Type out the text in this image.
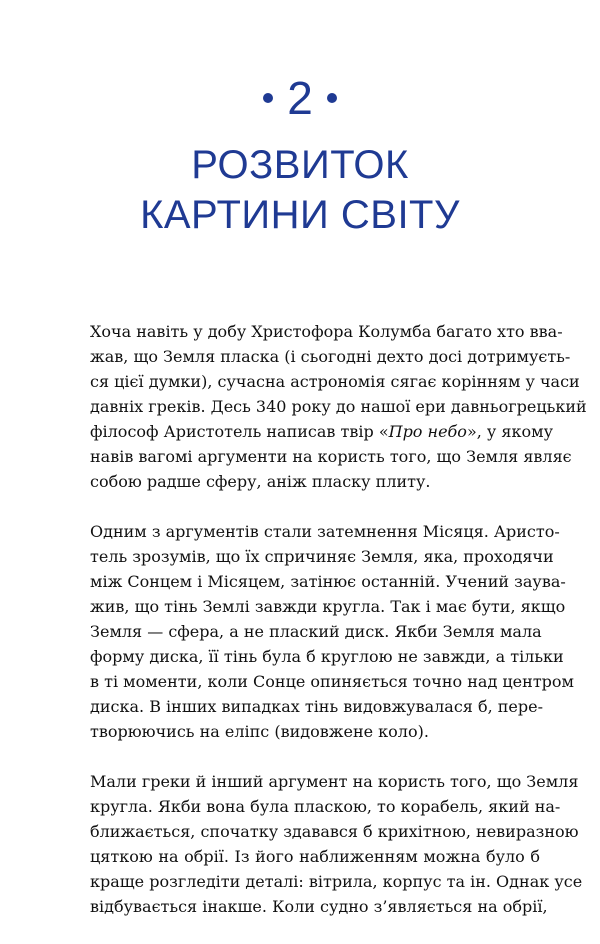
2
РОЗВИТОК
КАРТИНИ СВІТУ
Хоча навіть у добу Христофора Колумба багато хто вва-
жав, що Земля пласка (і сьогодні дехто досі дотримуєть-
ся цієї думки), сучасна астрономія сягає корінням у часи
давніх греків. Десь 340 року до нашої ери давньогрецький
філософ Аристотель написав твір «Про небо», у якому
навів вагомі аргументи на користь того, що Земля являє
собою радше сферу, аніж пласку плиту.
Одним з аргументів стали затемнення Місяця. Аристо-
тель зрозумів, що їх спричиняє Земля, яка, проходячи
між Сонцем і Місяцем, затінює останній. Учений заува-
жив, що тінь Землі завжди кругла. Так і має бути, якщо
Земля — сфера, а не плаский диск. Якби Земля мала
форму диска, її тінь була б круглою не завжди, а тільки
в ті моменти, коли Сонце опиняється точно над центром
диска. В інших випадках тінь видовжувалася б, пере-
творюючись на еліпс (видовжене коло).
Мали греки й інший аргумент на користь того, що Земля
кругла. Якби вона була пласкою, то корабель, який на-
ближається, спочатку здавався б крихітною, невиразною
цяткою на обрії. Із його наближенням можна було б
краще розгледіти деталі: вітрила, корпус та ін. Однак усе
відбувається інакше. Коли судно з’являється на обрії,
